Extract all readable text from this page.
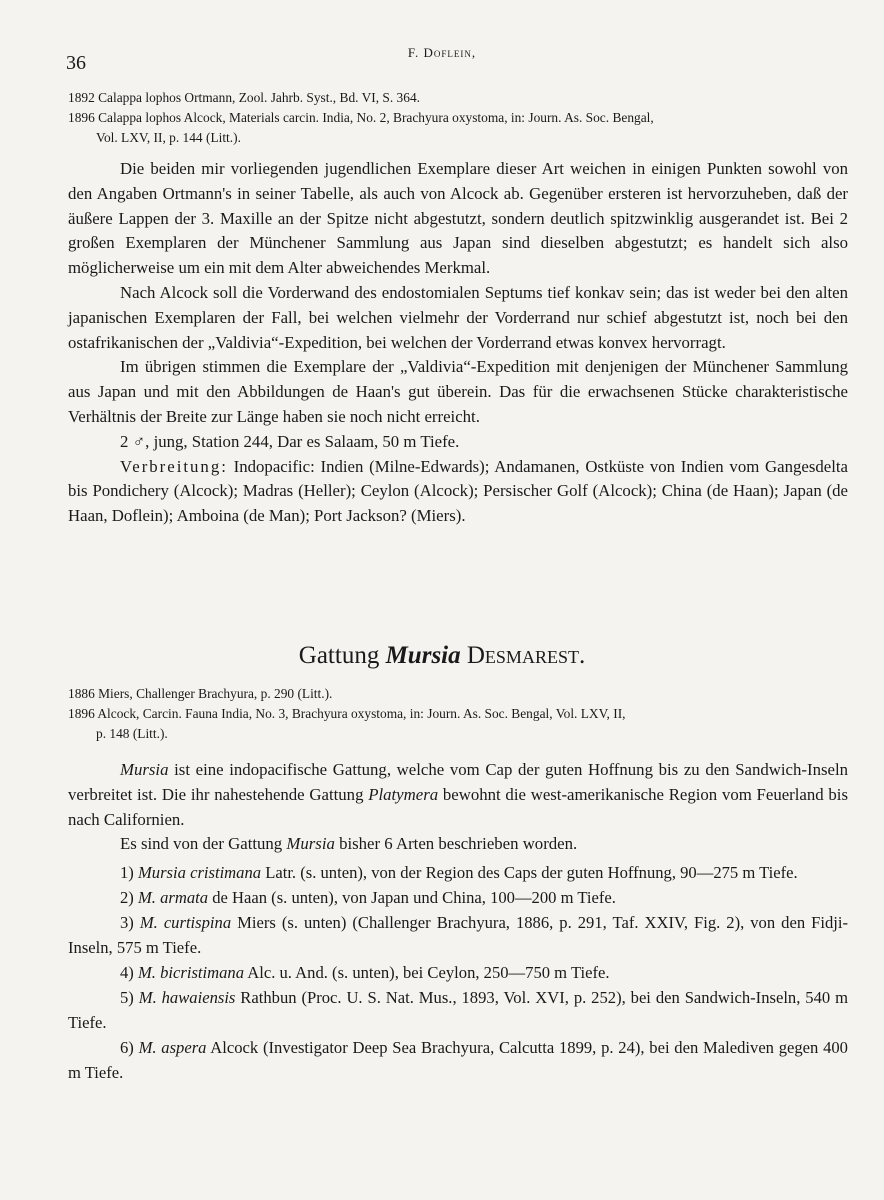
36	F. Doflein,

1892 Calappa lophos Ortmann, Zool. Jahrb. Syst., Bd. VI, S. 364.

1896 Calappa lophos Alcock, Materials carcin. India, No. 2, Brachyura oxystoma, in: Journ. As. Soc. Bengal,

Vol. LXV, II, p. 144 (Litt.).

Die beiden mir vorliegenden jugendlichen Exemplare dieser Art weichen in einigen Punkten sowohl von den Angaben Ortmann's in seiner Tabelle, als auch von Alcock ab. Gegenüber ersteren ist hervorzuheben, daß der äußere Lappen der 3. Maxille an der Spitze nicht abgestutzt, sondern deutlich spitzwinklig ausgerandet ist. Bei 2 großen Exemplaren der Münchener Sammlung aus Japan sind dieselben abgestutzt; es handelt sich also möglicherweise um ein mit dem Alter abweichendes Merkmal.

Nach Alcock soll die Vorderwand des endostomialen Septums tief konkav sein; das ist weder bei den alten japanischen Exemplaren der Fall, bei welchen vielmehr der Vorderrand nur schief abgestutzt ist, noch bei den ostafrikanischen der „Valdivia“-Expedition, bei welchen der Vorderrand etwas konvex hervorragt.

Im übrigen stimmen die Exemplare der „Valdivia“-Expedition mit denjenigen der Münchener Sammlung aus Japan und mit den Abbildungen de Haan's gut überein. Das für die erwachsenen Stücke charakteristische Verhältnis der Breite zur Länge haben sie noch nicht erreicht.

2 ♂, jung, Station 244, Dar es Salaam, 50 m Tiefe.

Verbreitung: Indopacific: Indien (Milne-Edwards); Andamanen, Ostküste von Indien vom Gangesdelta bis Pondichery (Alcock); Madras (Heller); Ceylon (Alcock); Persischer Golf (Alcock); China (de Haan); Japan (de Haan, Doflein); Amboina (de Man); Port Jackson? (Miers).

Gattung Mursia Desmarest.

1886 Miers, Challenger Brachyura, p. 290 (Litt.).

1896 Alcock, Carcin. Fauna India, No. 3, Brachyura oxystoma, in: Journ. As. Soc. Bengal, Vol. LXV, II,

p. 148 (Litt.).

Mursia ist eine indopacifische Gattung, welche vom Cap der guten Hoffnung bis zu den Sandwich-Inseln verbreitet ist. Die ihr nahestehende Gattung Platymera bewohnt die west-amerikanische Region vom Feuerland bis nach Californien.

Es sind von der Gattung Mursia bisher 6 Arten beschrieben worden.

1) Mursia cristimana Latr. (s. unten), von der Region des Caps der guten Hoffnung, 90—275 m Tiefe.

2) M. armata de Haan (s. unten), von Japan und China, 100—200 m Tiefe.

3) M. curtispina Miers (s. unten) (Challenger Brachyura, 1886, p. 291, Taf. XXIV, Fig. 2), von den Fidji-Inseln, 575 m Tiefe.

4) M. bicristimana Alc. u. And. (s. unten), bei Ceylon, 250—750 m Tiefe.

5) M. hawaiensis Rathbun (Proc. U. S. Nat. Mus., 1893, Vol. XVI, p. 252), bei den Sandwich-Inseln, 540 m Tiefe.

6) M. aspera Alcock (Investigator Deep Sea Brachyura, Calcutta 1899, p. 24), bei den Malediven gegen 400 m Tiefe.
